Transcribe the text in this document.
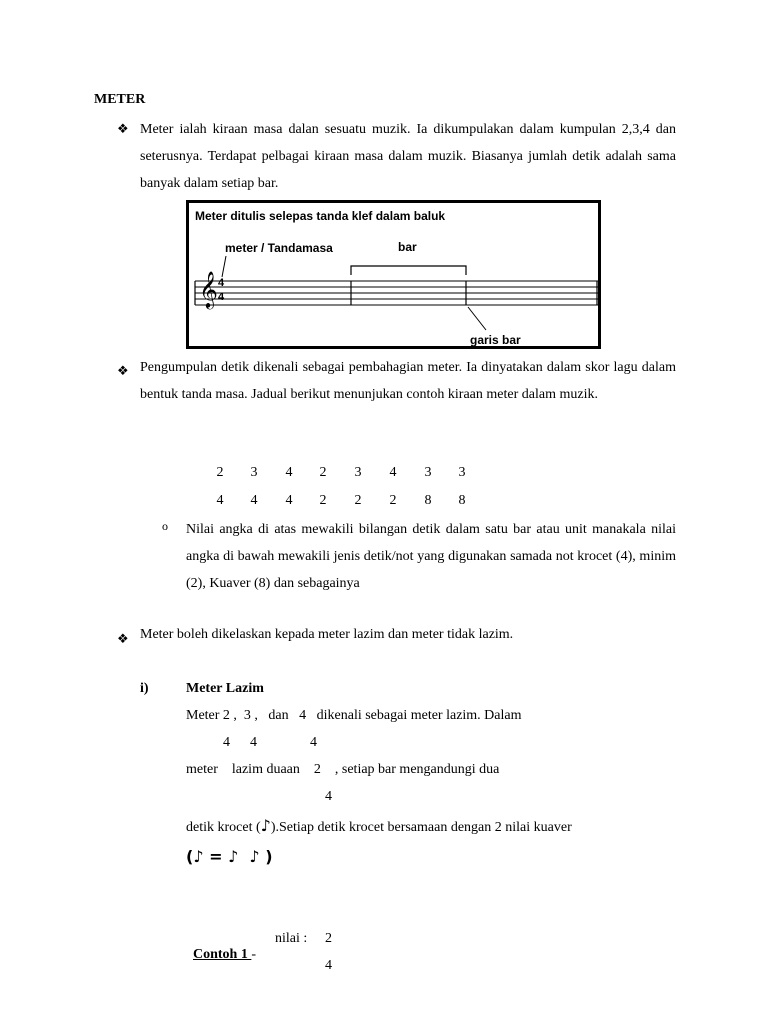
METER
❖ Meter ialah kiraan masa dalan sesuatu muzik. Ia dikumpulakan dalam kumpulan 2,3,4 dan seterusnya. Terdapat pelbagai kiraan masa dalam muzik. Biasanya jumlah detik adalah sama banyak dalam setiap bar.
Meter ditulis selepas tanda klef dalam baluk
meter / Tandamasa	bar
garis bar
𝄞 4
4
❖ Pengumpulan detik dikenali sebagai pembahagian meter. Ia dinyatakan dalam skor lagu dalam bentuk tanda masa. Jadual berikut menunjukan contoh kiraan meter dalam muzik.
2	3	4	2	3	4	3	3
4	4	4	2	2	2	8	8
o Nilai angka di atas mewakili bilangan detik dalam satu bar atau unit manakala nilai angka di bawah mewakili jenis detik/not yang digunakan samada not krocet (4), minim (2), Kuaver (8) dan sebagainya
❖ Meter boleh dikelaskan kepada meter lazim dan meter tidak lazim.
i)	Meter Lazim
Meter 2 ,  3 ,   dan   4   dikenali sebagai meter lazim. Dalam
4 4	4
meter    lazim duaan    2    , setiap bar mengandungi dua
4
detik krocet (♪).Setiap detik krocet bersamaan dengan 2 nilai kuaver
(♪ = ♪  ♪ )

Contoh 1 -

nilai : 2
4
